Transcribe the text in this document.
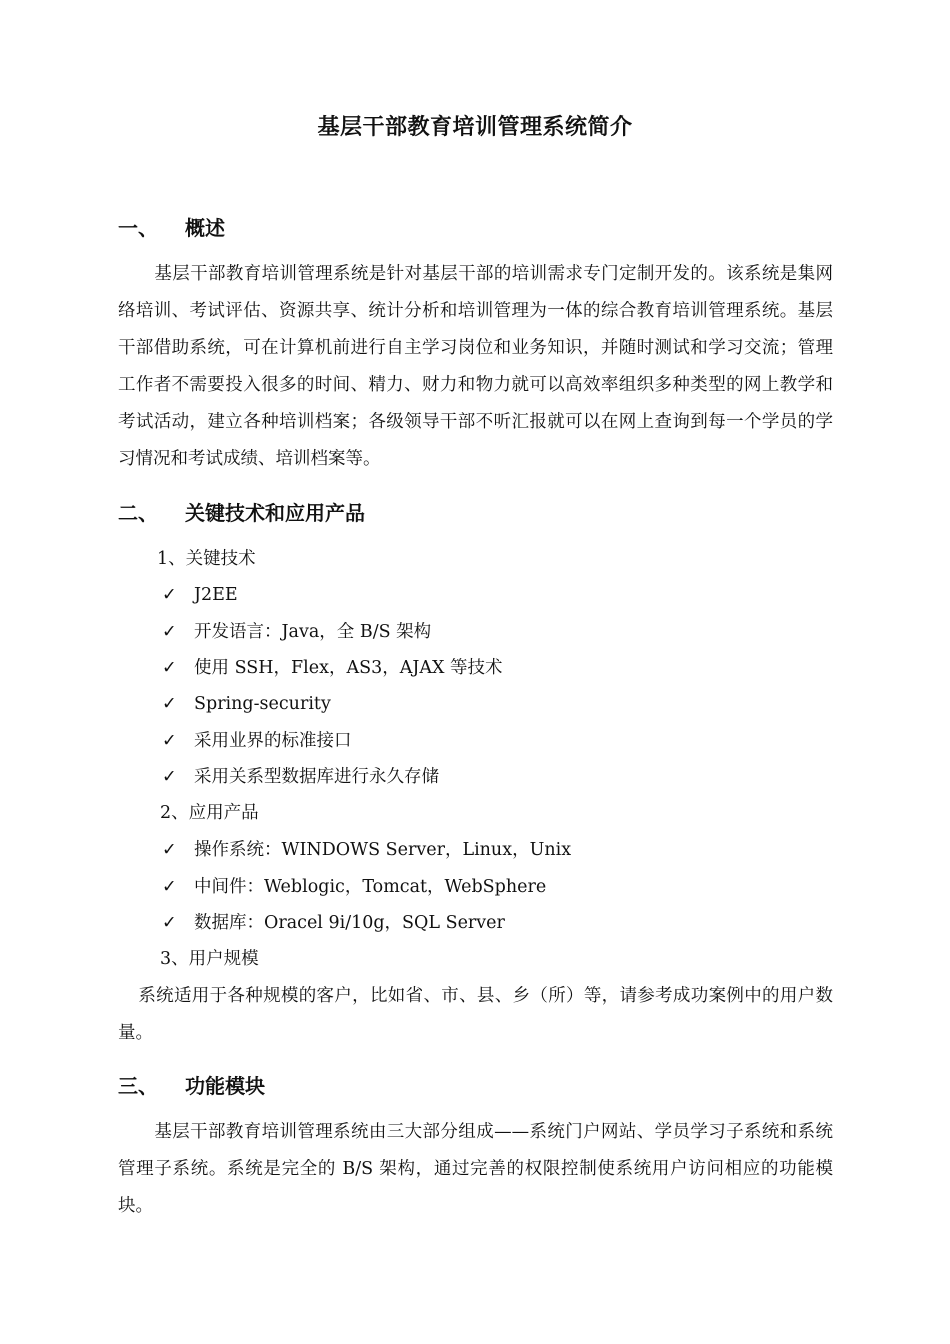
基层干部教育培训管理系统简介
一、 概述
基层干部教育培训管理系统是针对基层干部的培训需求专门定制开发的。该系统是集网络培训、考试评估、资源共享、统计分析和培训管理为一体的综合教育培训管理系统。基层干部借助系统，可在计算机前进行自主学习岗位和业务知识，并随时测试和学习交流；管理工作者不需要投入很多的时间、精力、财力和物力就可以高效率组织多种类型的网上教学和考试活动，建立各种培训档案；各级领导干部不听汇报就可以在网上查询到每一个学员的学习情况和考试成绩、培训档案等。
二、 关键技术和应用产品
1、关键技术
✓ J2EE
✓ 开发语言：Java，全 B/S 架构
✓ 使用 SSH，Flex，AS3，AJAX 等技术
✓ Spring-security
✓ 采用业界的标准接口
✓ 采用关系型数据库进行永久存储
2、应用产品
✓ 操作系统：WINDOWS Server，Linux，Unix
✓ 中间件：Weblogic，Tomcat，WebSphere
✓ 数据库：Oracel 9i/10g，SQL Server
3、用户规模
系统适用于各种规模的客户，比如省、市、县、乡（所）等，请参考成功案例中的用户数量。
三、 功能模块
基层干部教育培训管理系统由三大部分组成——系统门户网站、学员学习子系统和系统管理子系统。系统是完全的 B/S 架构，通过完善的权限控制使系统用户访问相应的功能模块。
